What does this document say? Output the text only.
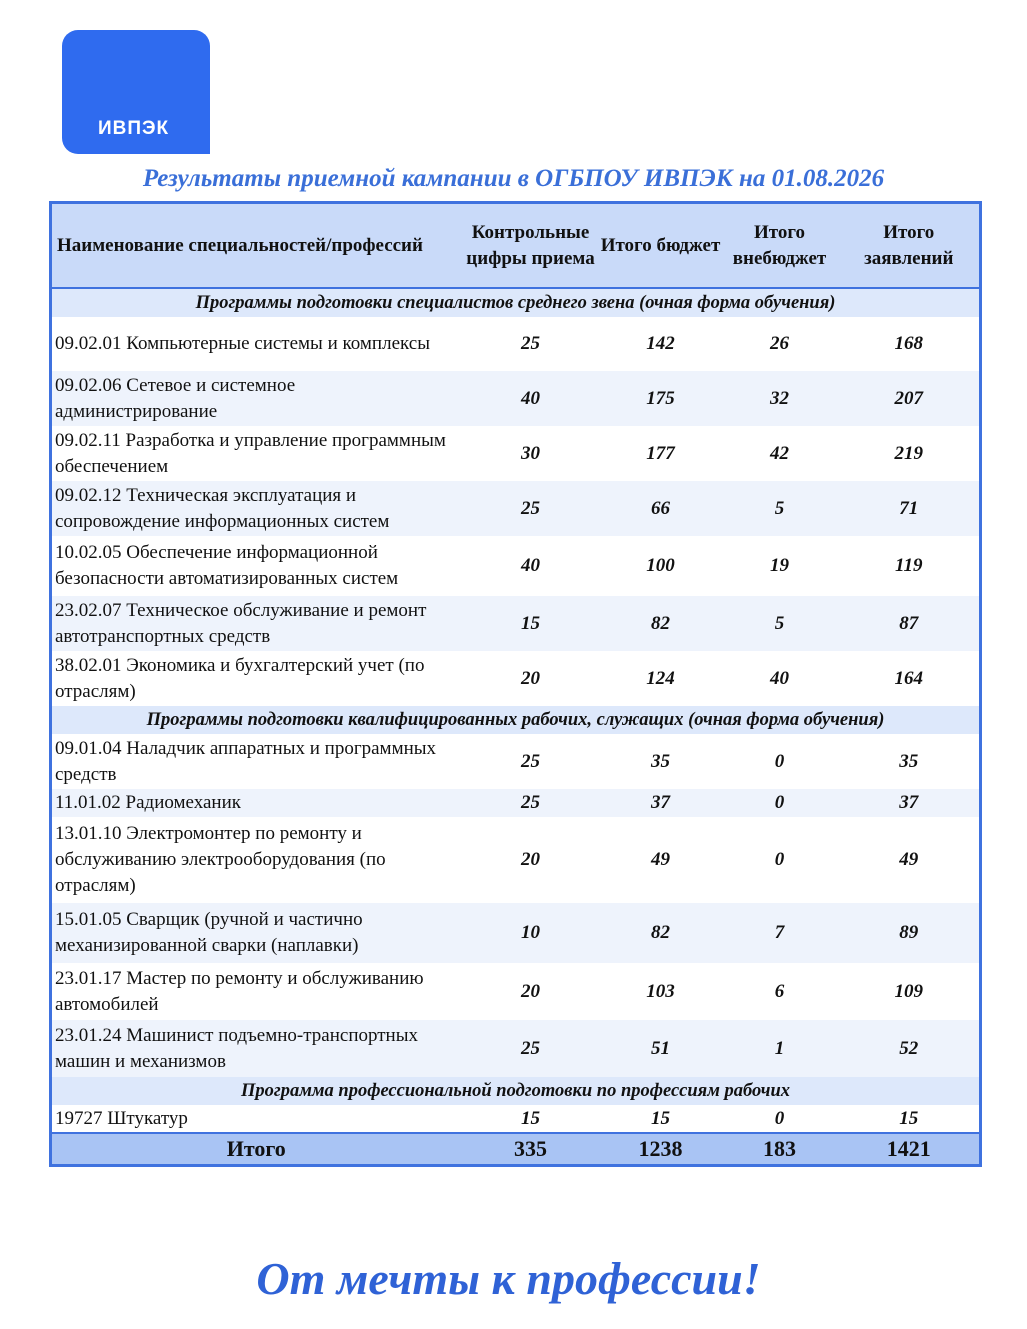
ИВПЭК
Результаты приемной кампании в ОГБПОУ ИВПЭК на 01.08.2026
Наименование специальностей/профессий	Контрольные цифры приема	Итого бюджет	Итого внебюджет	Итого заявлений
Программы подготовки специалистов среднего звена (очная форма обучения)				
09.02.01 Компьютерные системы и комплексы	25	142	26	168
09.02.06 Сетевое и системное администрирование	40	175	32	207
09.02.11 Разработка и управление программным обеспечением	30	177	42	219
09.02.12 Техническая эксплуатация и сопровождение информационных систем	25	66	5	71
10.02.05 Обеспечение информационной безопасности автоматизированных систем	40	100	19	119
23.02.07 Техническое обслуживание и ремонт автотранспортных средств	15	82	5	87
38.02.01 Экономика и бухгалтерский учет (по отраслям)	20	124	40	164
Программы подготовки квалифицированных рабочих, служащих (очная форма обучения)				
09.01.04 Наладчик аппаратных и программных средств	25	35	0	35
11.01.02 Радиомеханик	25	37	0	37
13.01.10 Электромонтер по ремонту и обслуживанию электрооборудования (по отраслям)	20	49	0	49
15.01.05 Сварщик (ручной и частично механизированной сварки (наплавки)	10	82	7	89
23.01.17 Мастер по ремонту и обслуживанию автомобилей	20	103	6	109
23.01.24 Машинист подъемно-транспортных машин и механизмов	25	51	1	52
Программа профессиональной подготовки по профессиям рабочих				
19727 Штукатур	15	15	0	15
Итого	335	1238	183	1421
От мечты к профессии!
